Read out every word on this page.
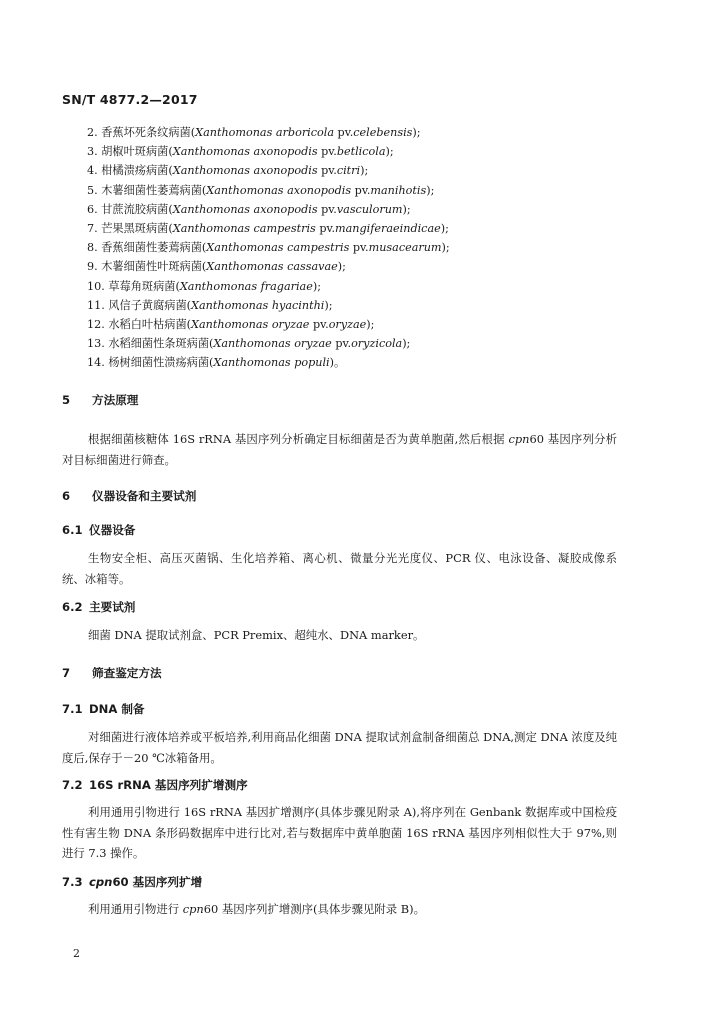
SN/T 4877.2—2017
2. 香蕉坏死条纹病菌(Xanthomonas arboricola pv.celebensis);
3. 胡椒叶斑病菌(Xanthomonas axonopodis pv.betlicola);
4. 柑橘溃疡病菌(Xanthomonas axonopodis pv.citri);
5. 木薯细菌性萎蔫病菌(Xanthomonas axonopodis pv.manihotis);
6. 甘蔗流胶病菌(Xanthomonas axonopodis pv.vasculorum);
7. 芒果黑斑病菌(Xanthomonas campestris pv.mangiferaeindicae);
8. 香蕉细菌性萎蔫病菌(Xanthomonas campestris pv.musacearum);
9. 木薯细菌性叶斑病菌(Xanthomonas cassavae);
10. 草莓角斑病菌(Xanthomonas fragariae);
11. 风信子黄腐病菌(Xanthomonas hyacinthi);
12. 水稻白叶枯病菌(Xanthomonas oryzae pv.oryzae);
13. 水稻细菌性条斑病菌(Xanthomonas oryzae pv.oryzicola);
14. 杨树细菌性溃疡病菌(Xanthomonas populi)。
5 方法原理

根据细菌核糖体 16S rRNA 基因序列分析确定目标细菌是否为黄单胞菌,然后根据 cpn60 基因序列分析对目标细菌进行筛查。

6 仪器设备和主要试剂
6.1 仪器设备

生物安全柜、高压灭菌锅、生化培养箱、离心机、微量分光光度仪、PCR 仪、电泳设备、凝胶成像系统、冰箱等。

6.2 主要试剂

细菌 DNA 提取试剂盒、PCR Premix、超纯水、DNA marker。

7 筛查鉴定方法
7.1 DNA 制备

对细菌进行液体培养或平板培养,利用商品化细菌 DNA 提取试剂盒制备细菌总 DNA,测定 DNA 浓度及纯度后,保存于－20 ℃冰箱备用。

7.2 16S rRNA 基因序列扩增测序

利用通用引物进行 16S rRNA 基因扩增测序(具体步骤见附录 A),将序列在 Genbank 数据库或中国检疫性有害生物 DNA 条形码数据库中进行比对,若与数据库中黄单胞菌 16S rRNA 基因序列相似性大于 97%,则进行 7.3 操作。

7.3 cpn60 基因序列扩增

利用通用引物进行 cpn60 基因序列扩增测序(具体步骤见附录 B)。

2
